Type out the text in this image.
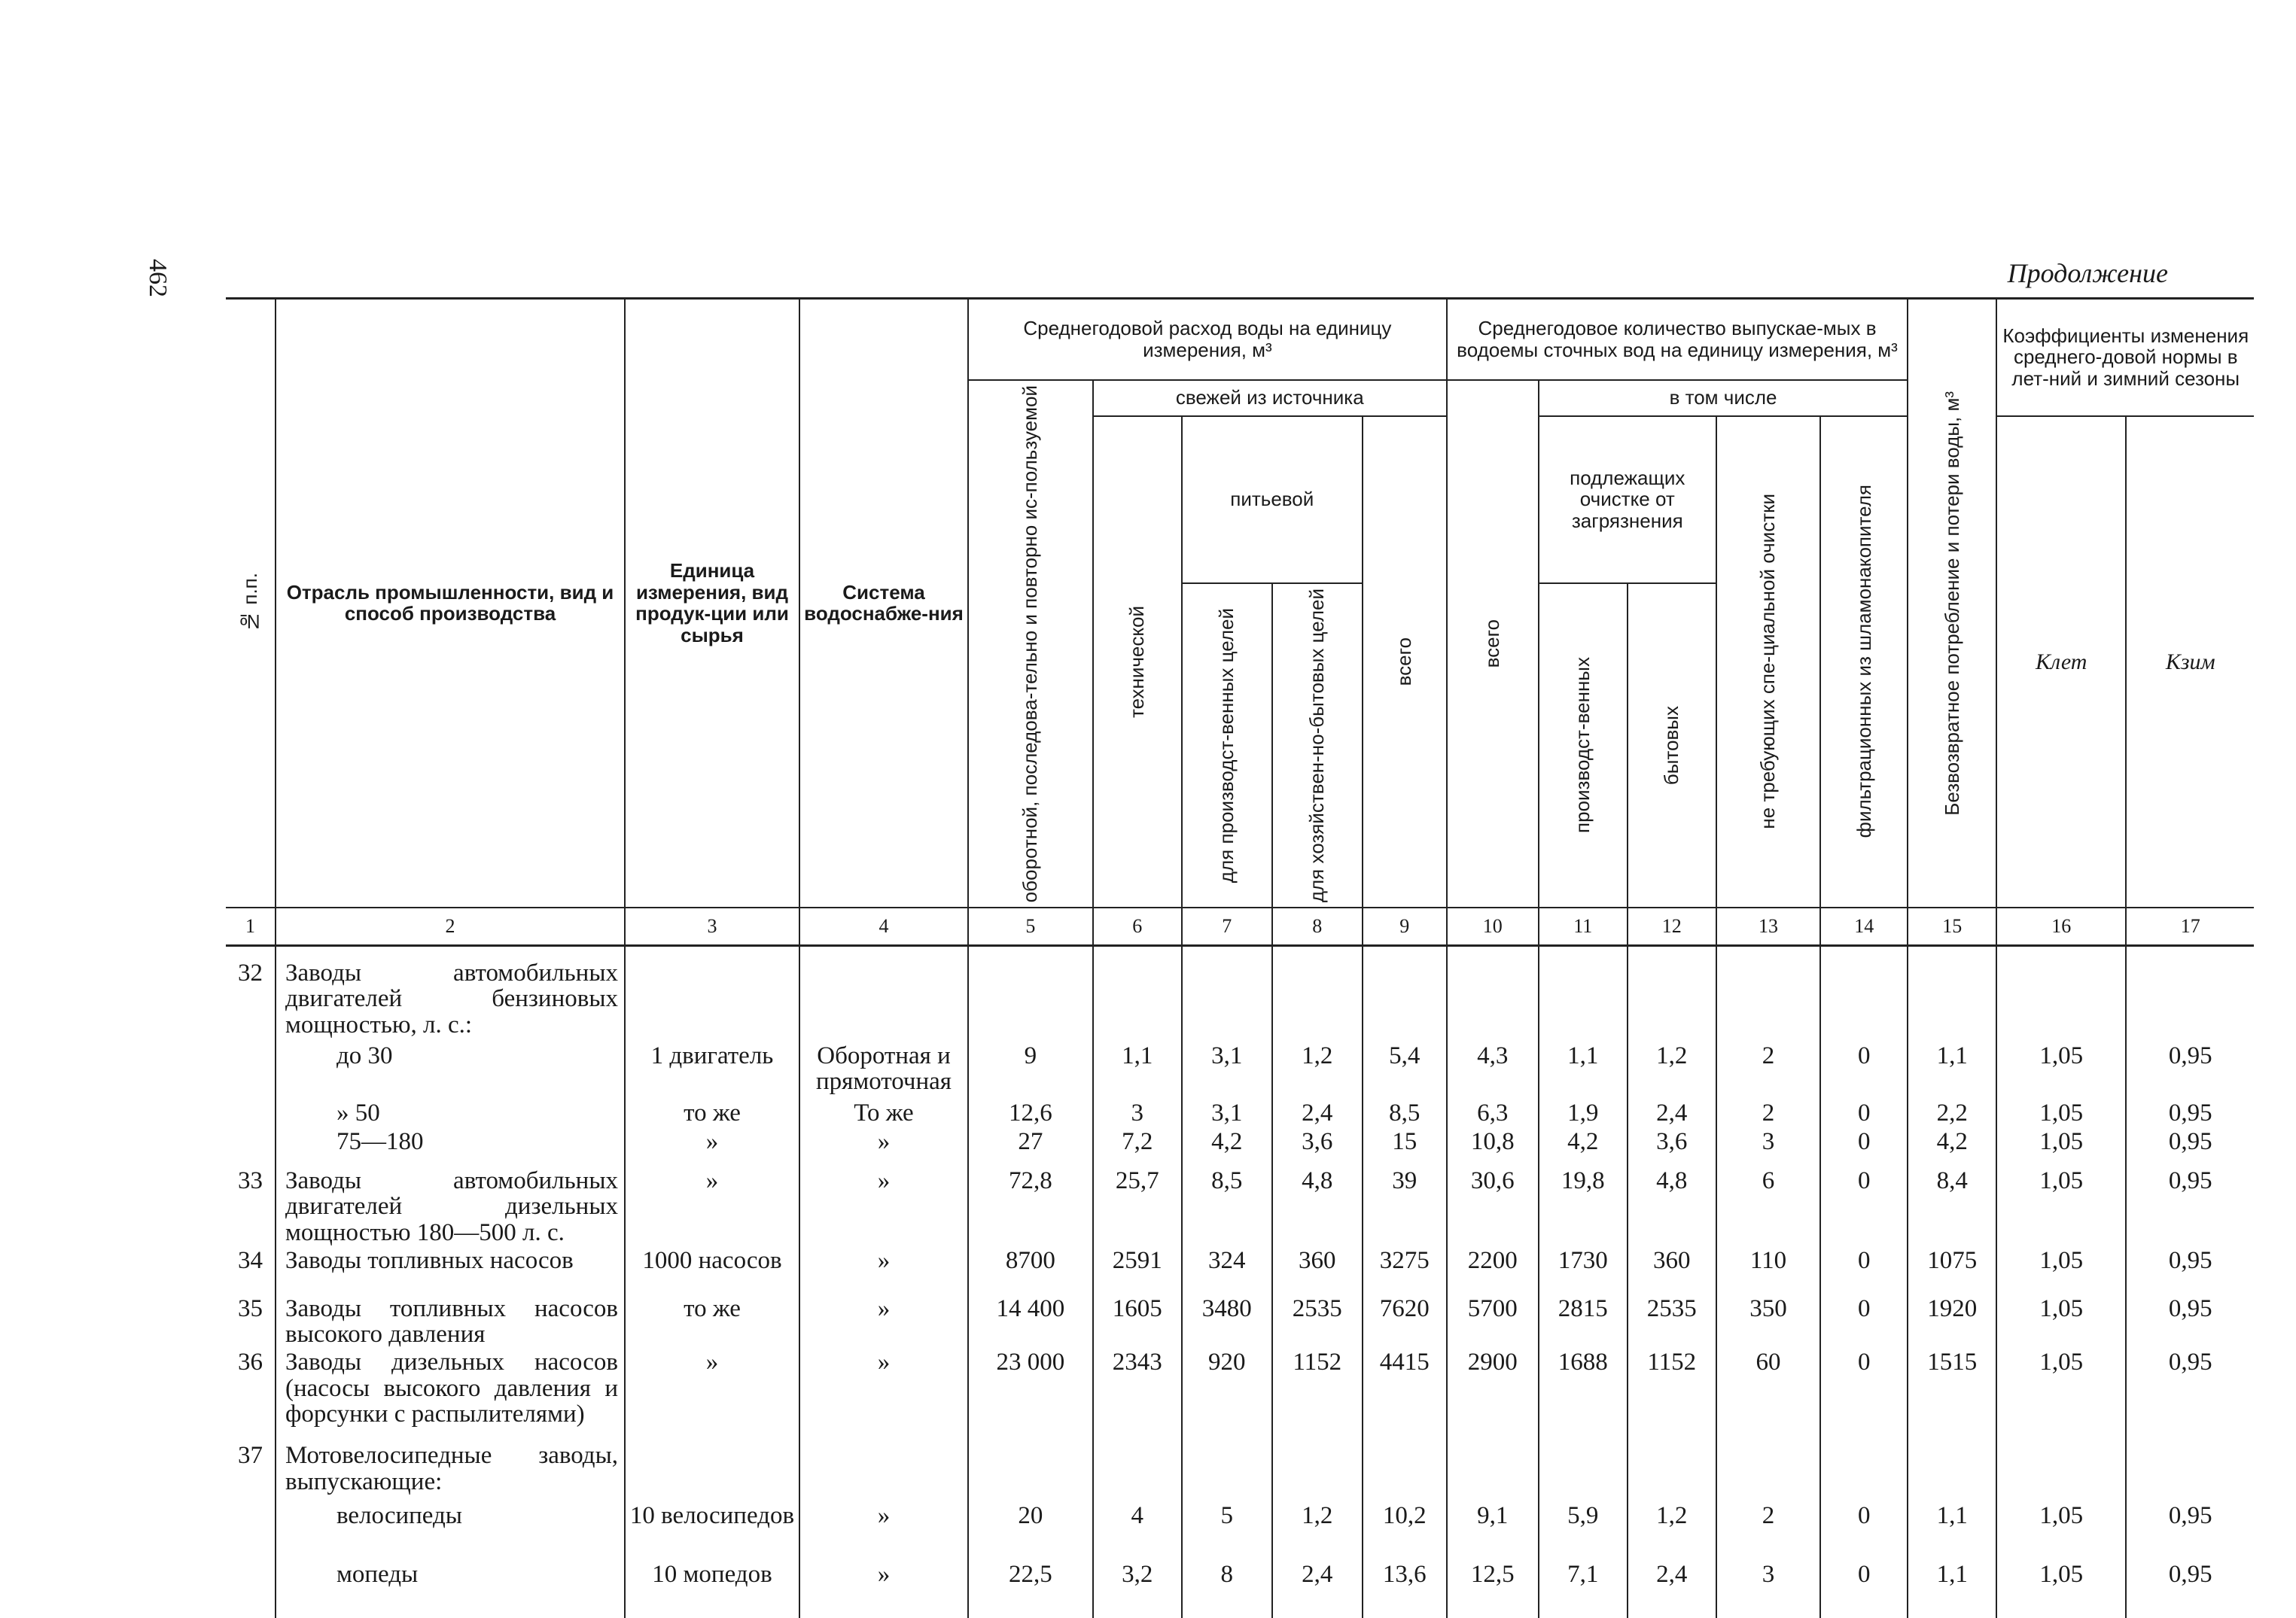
462	Продолжение
№ п.п.	Отрасль промышленности, вид и способ производства	Единица измерения, вид продук-ции или сырья	Система водоснабже-ния	Среднегодовой расход воды на единицу измерения, м³					Среднегодовое количество выпускае-мых в водоемы сточных вод на единицу измерения, м³					Безвозвратное потребление и потери воды, м³	Коэффициенты изменения среднего-довой нормы в лет-ний и зимний сезоны	

				оборотной, последова-тельно и повторно ис-пользуемой	свежей из источника				всего	в том числе						

					технической	питьевой		всего		подлежащих очистке от загрязнения		не требующих спе-циальной очистки	фильтрационных из шламонакопителя		Kлет	Kзим

						для производст-венных целей	для хозяйствен-но-бытовых целей			производст-венных	бытовых					

1	2	3	4	5	6	7	8	9	10	11	12	13	14	15	16	17

32	Заводы автомобильных двигателей бензиновых мощностью, л. с.:															
	до 30	1 двигатель	Оборотная и прямоточная	9	1,1	3,1	1,2	5,4	4,3	1,1	1,2	2	0	1,1	1,05	0,95
	» 50	то же	То же	12,6	3	3,1	2,4	8,5	6,3	1,9	2,4	2	0	2,2	1,05	0,95
	75—180	»	»	27	7,2	4,2	3,6	15	10,8	4,2	3,6	3	0	4,2	1,05	0,95
33	Заводы автомобильных двигателей дизельных мощностью 180—500 л. с.	»	»	72,8	25,7	8,5	4,8	39	30,6	19,8	4,8	6	0	8,4	1,05	0,95
34	Заводы топливных насосов	1000 насосов	»	8700	2591	324	360	3275	2200	1730	360	110	0	1075	1,05	0,95
35	Заводы топливных насосов высокого давления	то же	»	14 400	1605	3480	2535	7620	5700	2815	2535	350	0	1920	1,05	0,95
36	Заводы дизельных насосов (насосы высокого давления и форсунки с распылителями)	»	»	23 000	2343	920	1152	4415	2900	1688	1152	60	0	1515	1,05	0,95
37	Мотовелосипедные заводы, выпускающие:															
	велосипеды	10 велосипедов	»	20	4	5	1,2	10,2	9,1	5,9	1,2	2	0	1,1	1,05	0,95
	мопеды	10 мопедов	»	22,5	3,2	8	2,4	13,6	12,5	7,1	2,4	3	0	1,1	1,05	0,95
